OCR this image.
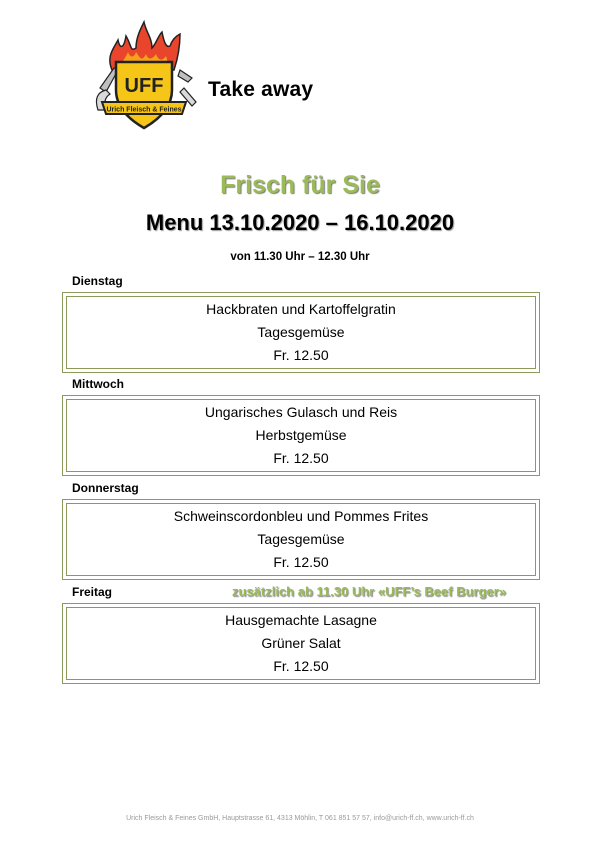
UFF
Urich Fleisch & Feines
Take away
Frisch für Sie
Menu 13.10.2020 – 16.10.2020
von 11.30 Uhr – 12.30 Uhr
Dienstag
Hackbraten und Kartoffelgratin
Tagesgemüse
Fr. 12.50
Mittwoch
Ungarisches Gulasch und Reis
Herbstgemüse
Fr. 12.50
Donnerstag
Schweinscordonbleu und Pommes Frites
Tagesgemüse
Fr. 12.50
Freitag	zusätzlich ab 11.30 Uhr «UFF’s Beef Burger»
Hausgemachte Lasagne
Grüner Salat
Fr. 12.50
Urich Fleisch & Feines GmbH, Hauptstrasse 61, 4313 Möhlin, T 061 851 57 57, info@urich-ff.ch, www.urich-ff.ch
